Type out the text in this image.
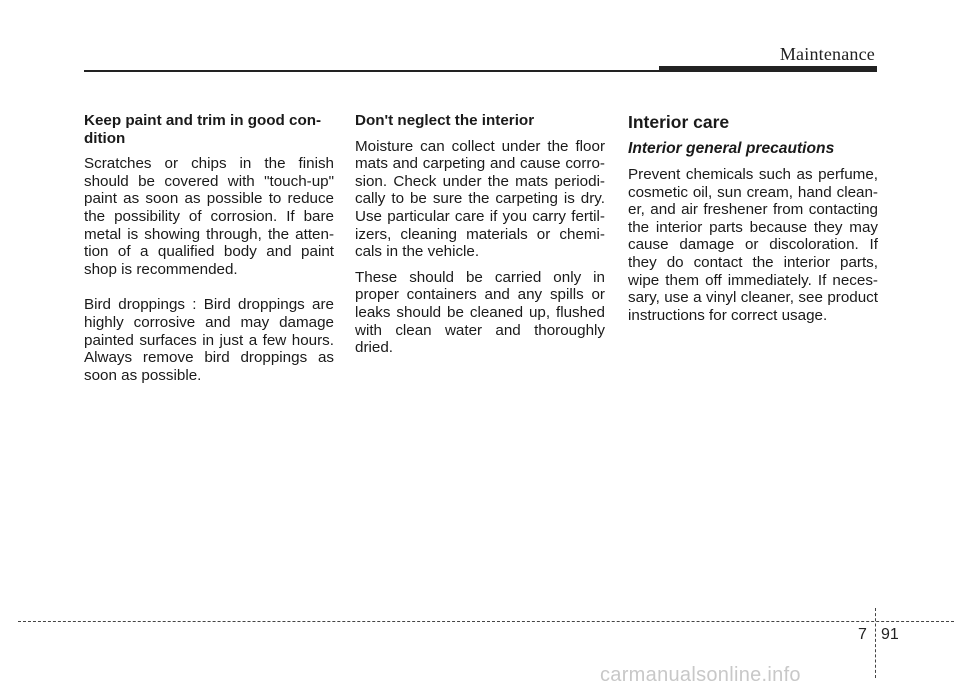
Maintenance
Keep paint and trim in good con-dition
Scratches or chips in the finish should be covered with "touch-up" paint as soon as possible to reduce the possibility of corrosion. If bare metal is showing through, the atten-tion of a qualified body and paint shop is recommended.
Bird droppings : Bird droppings are highly corrosive and may damage painted surfaces in just a few hours. Always remove bird droppings as soon as possible.
Don't neglect the interior
Moisture can collect under the floor mats and carpeting and cause corro-sion. Check under the mats periodi-cally to be sure the carpeting is dry. Use particular care if you carry fertil-izers, cleaning materials or chemi-cals in the vehicle.
These should be carried only in proper containers and any spills or leaks should be cleaned up, flushed with clean water and thoroughly dried.
Interior care
Interior general precautions
Prevent chemicals such as perfume, cosmetic oil, sun cream, hand clean-er, and air freshener from contacting the interior parts because they may cause damage or discoloration. If they do contact the interior parts, wipe them off immediately. If neces-sary, use a vinyl cleaner, see product instructions for correct usage.
7 91
carmanualsonline.info
